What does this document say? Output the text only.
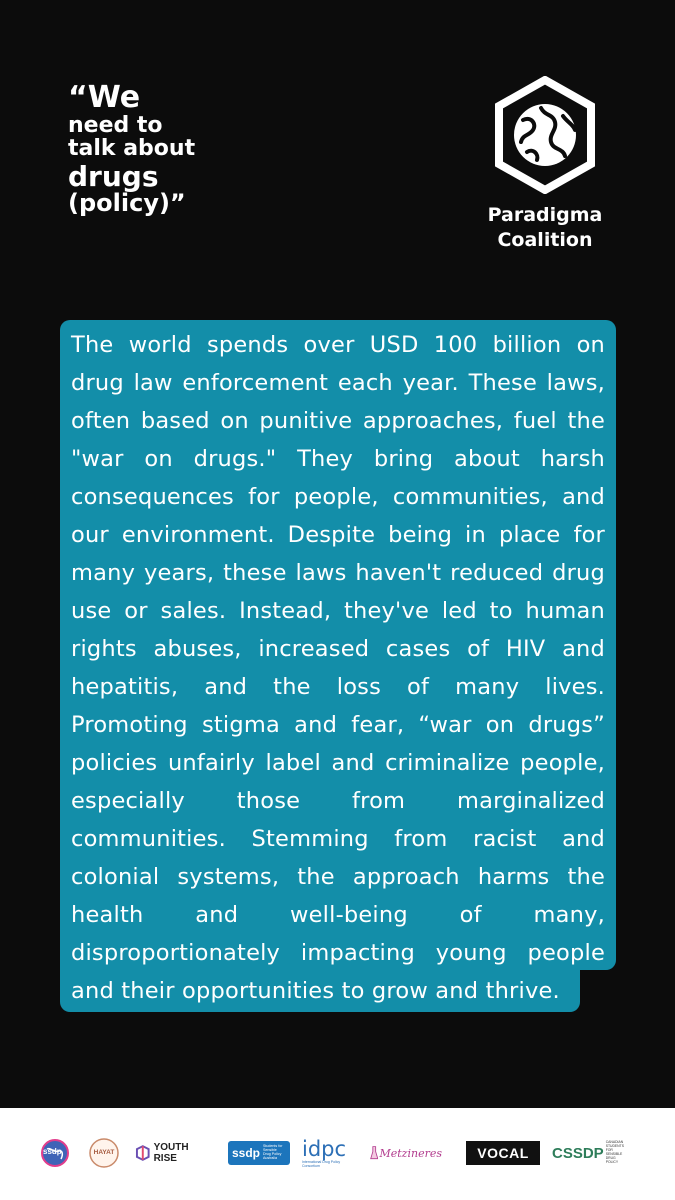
“We
need to
talk about
drugs
(policy)”	Paradigma
Coalition
The world spends over USD 100 billion on drug law enforcement each year. These laws, often based on punitive approaches, fuel the "war on drugs." They bring about harsh consequences for people, communities, and our environment. Despite being in place for many years, these laws haven't reduced drug use or sales. Instead, they've led to human rights abuses, increased cases of HIV and hepatitis, and the loss of many lives. Promoting stigma and fear, “war on drugs” policies unfairly label and criminalize people, especially those from marginalized communities. Stemming from racist and colonial systems, the approach harms the health and well-being of many, disproportionately impacting young people and their opportunities to grow and thrive.
ssdp	HAYAT	YOUTH RISE	ssdp Students for Sensible Drug Policy Australia	idpc
International Drug Policy Consortium
Metzineres	VOCAL CSSDP
CANADIAN STUDENTS FOR SENSIBLE DRUG POLICY
